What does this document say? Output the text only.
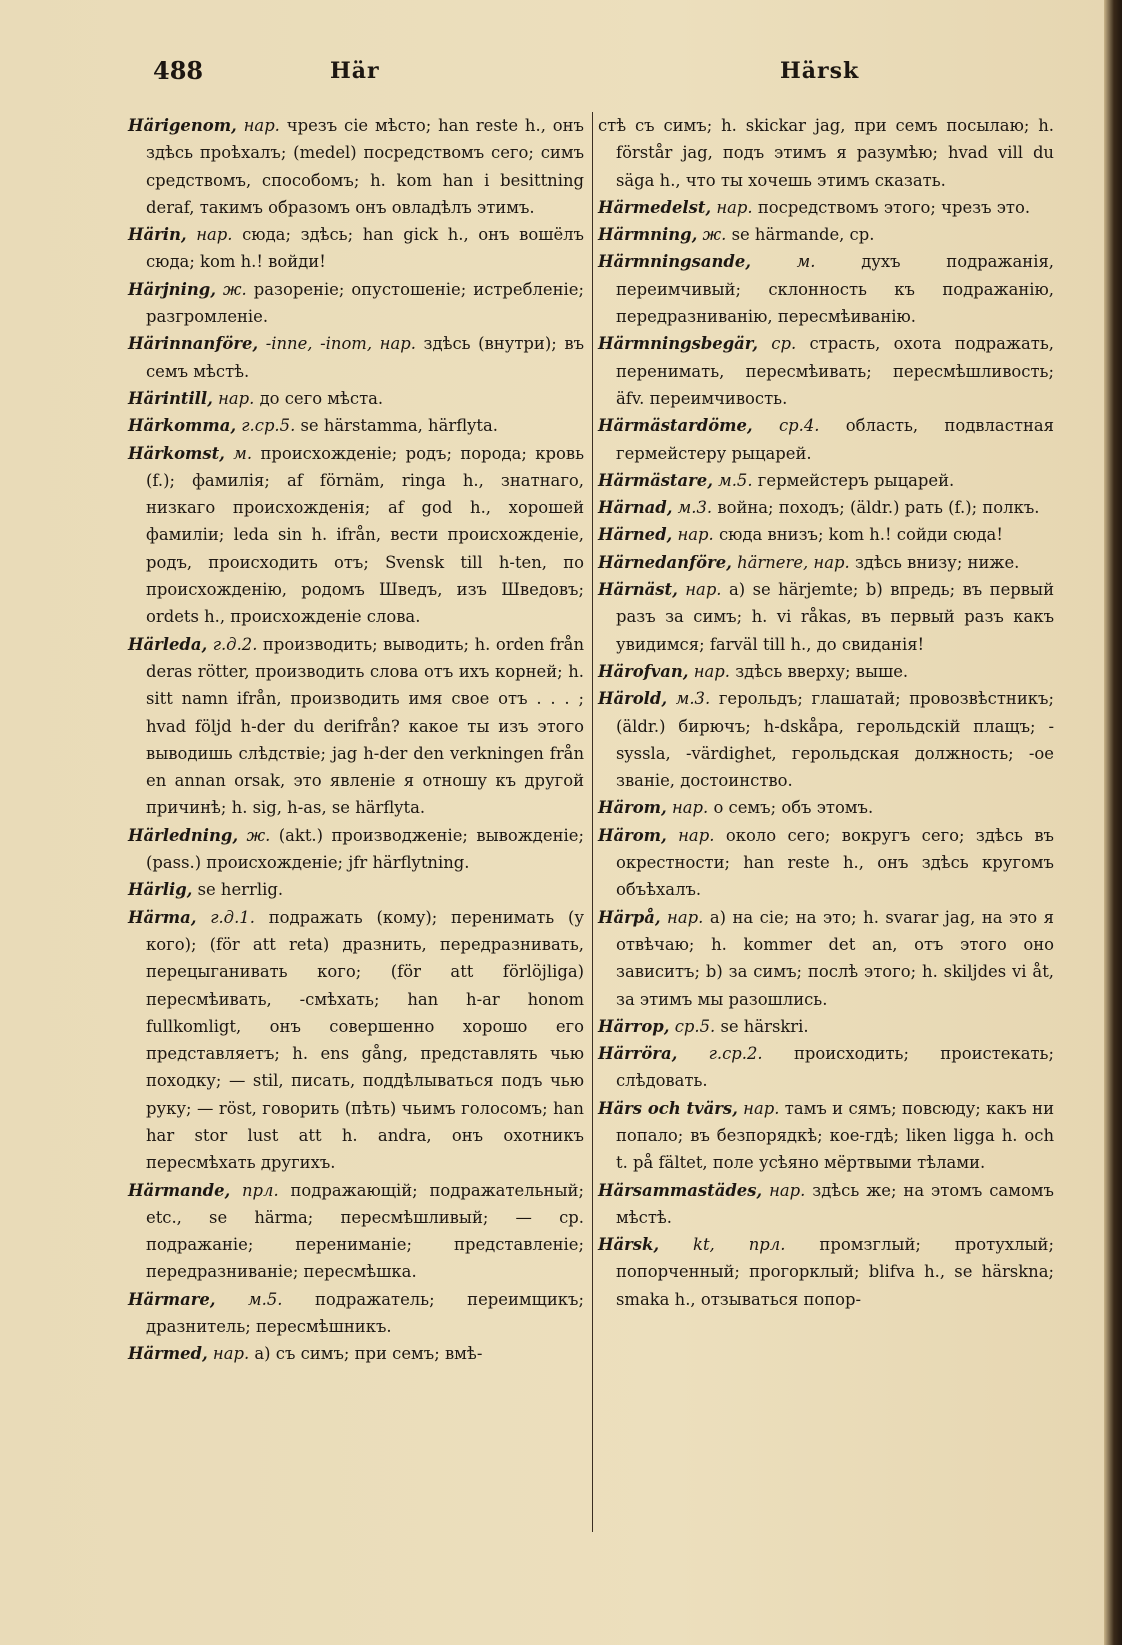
488	Här	Härsk
Härigenom, нар. чрезъ сіе мѣсто; han reste h., онъ здѣсь проѣхалъ; (medel) посредствомъ сего; симъ средствомъ, способомъ; h. kom han i besittning deraf, такимъ образомъ онъ овладѣлъ этимъ.
Härin, нар. сюда; здѣсь; han gick h., онъ вошёлъ сюда; kom h.! войди!
Härjning, ж. разореніе; опустошеніе; истребленіе; разгромленіе.
Härinnanföre, -inne, -inom, нар. здѣсь (внутри); въ семъ мѣстѣ.
Härintill, нар. до сего мѣста.
Härkomma, г.ср.5. se härstamma, härflyta.
Härkomst, м. происхожденіе; родъ; порода; кровь (f.); фамилія; af förnäm, ringa h., знатнаго, низкаго происхожденія; af god h., хорошей фамиліи; leda sin h. ifrån, вести происхожденіе, родъ, происходить отъ; Svensk till h-ten, по происхожденію, родомъ Шведъ, изъ Шведовъ; ordets h., происхожденіе слова.
Härleda, г.д.2. производить; выводить; h. orden från deras rötter, производить слова отъ ихъ корней; h. sitt namn ifrån, производить имя свое отъ . . . ; hvad följd h-der du derifrån? какое ты изъ этого выводишь слѣдствіе; jag h-der den verkningen från en annan orsak, это явленіе я отношу къ другой причинѣ; h. sig, h-as, se härflyta.
Härledning, ж. (akt.) производженіе; вывожденіе; (pass.) происхожденіе; jfr härflytning.
Härlig, se herrlig.
Härma, г.д.1. подражать (кому); перенимать (у кого); (för att reta) дразнить, передразнивать, перецыганивать кого; (för att förlöjliga) пересмѣивать, -смѣхать; han h-ar honom fullkomligt, онъ совершенно хорошо его представляетъ; h. ens gång, представлять чью походку; — stil, писать, поддѣлываться подъ чью руку; — röst, говорить (пѣть) чьимъ голосомъ; han har stor lust att h. andra, онъ охотникъ пересмѣхать другихъ.
Härmande, прл. подражающій; подражательный; etc., se härma; пересмѣшливый; — ср. подражаніе; перениманіе; представленіе; передразниваніе; пересмѣшка.
Härmare, м.5. подражатель; переимщикъ; дразнитель; пересмѣшникъ.
Härmed, нар. а) съ симъ; при семъ; вмѣ-
стѣ съ симъ; h. skickar jag, при семъ посылаю; h. förstår jag, подъ этимъ я разумѣю; hvad vill du säga h., что ты хочешь этимъ сказать.
Härmedelst, нар. посредствомъ этого; чрезъ это.
Härmning, ж. se härmande, ср.
Härmningsande,	м.	духъ подражанія, переимчивый; склонность къ подражанію, передразниванію, пересмѣиванію.
Härmningsbegär, ср. страсть, охота подражать, перенимать, пересмѣивать; пересмѣшливость; äfv. переимчивость.
Härmästardöme, ср.4. область, подвластная гермейстеру рыцарей.
Härmästare, м.5. гермейстеръ рыцарей.
Härnad, м.3. война; походъ; (äldr.) рать (f.); полкъ.
Härned, нар. сюда внизъ; kom h.! сойди сюда!
Härnedanföre, härnere, нар. здѣсь внизу; ниже.
Härnäst, нар. а) se härjemte; b) впредь; въ первый разъ за симъ; h. vi råkas, въ первый разъ какъ увидимся; farväl till h., до свиданія!
Härofvan, нар. здѣсь вверху; выше.
Härold, м.3. герольдъ; глашатай; провозвѣстникъ; (äldr.) бирючъ; h-dskåpa, герольдскій плащъ; -syssla, -värdighet, герольдская должность; -ое званіе, достоинство.
Härom, нар. о семъ; объ этомъ.
Härom, нар. около сего; вокругъ сего; здѣсь въ окрестности; han reste h., онъ здѣсь кругомъ объѣхалъ.
Härpå, нар. а) на сіе; на это; h. svarar jag, на это я отвѣчаю; h. kommer det an, отъ этого оно зависитъ; b) за симъ; послѣ этого; h. skiljdes vi åt, за этимъ мы разошлись.
Härrop, ср.5. se härskri.
Härröra, г.ср.2. происходить; проистекать; слѣдовать.
Härs och tvärs, нар. тамъ и сямъ; повсюду; какъ ни попало; въ безпорядкѣ; кое-гдѣ; liken ligga h. och t. på fältet, поле усѣяно мёртвыми тѣлами.
Härsammastädes, нар. здѣсь же; на этомъ самомъ мѣстѣ.
Härsk, kt, прл. промзглый; протухлый; попорченный; прогорклый; blifva h., se härskna; smaka h., отзываться попор-
